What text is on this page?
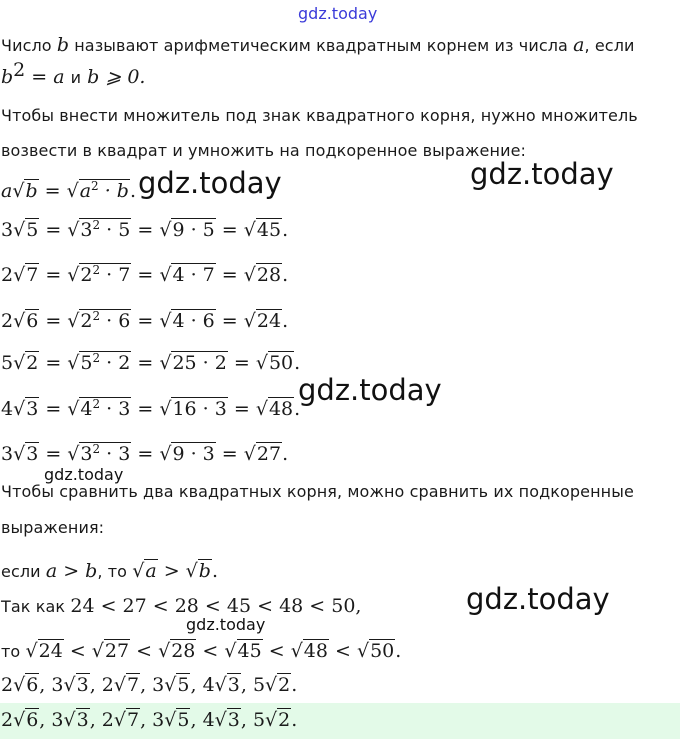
gdz.today
gdz.today	gdz.today
gdz.today
gdz.today
gdz.today
gdz.today
Число b называют арифметическим квадратным корнем из числа a, если
$b^2 = a$ и b ⩾ 0.
Чтобы внести множитель под знак квадратного корня, нужно множитель
возвести в квадрат и умножить на подкоренное выражение:
$a√b = √a^2 \cdot b$.
$3√5 = √3^2 \cdot 5 = √9 \cdot 5 = √45$.
$2√7 = √2^2 \cdot 7 = √4 \cdot 7 = √28$.
$2√6 = √2^2 \cdot 6 = √4 \cdot 6 = √24$.
$5√2 = √5^2 \cdot 2 = √25 \cdot 2 = √50$.
$4√3 = √4^2 \cdot 3 = √16 \cdot 3 = √48$.
$3√3 = √3^2 \cdot 3 = √9 \cdot 3 = √27$.
Чтобы сравнить два квадратных корня, можно сравнить их подкоренные
выражения:
если a > b, то √a > √b.
Так как 24 < 27 < 28 < 45 < 48 < 50,
то √24 < √27 < √28 < √45 < √48 < √50.
2√6, 3√3, 2√7, 3√5, 4√3, 5√2.
2√6, 3√3, 2√7, 3√5, 4√3, 5√2.
